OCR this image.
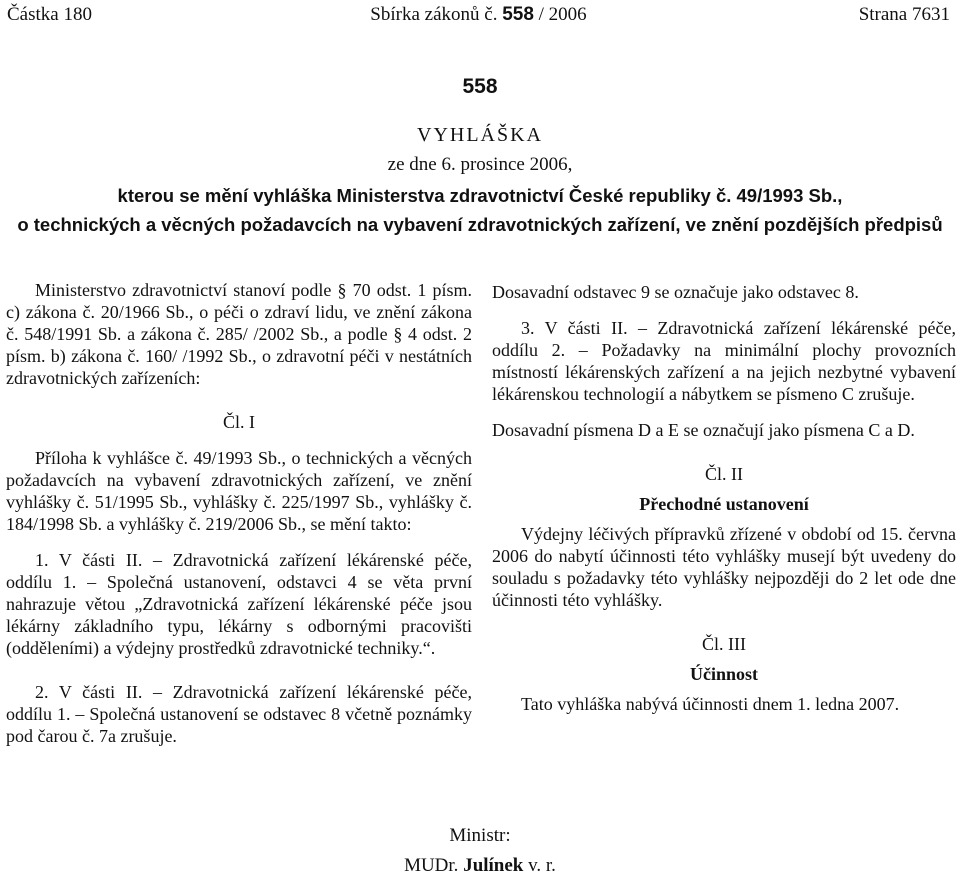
Částka 180	Sbírka zákonů č. 558 / 2006	Strana 7631
558
VYHLÁŠKA
ze dne 6. prosince 2006,
kterou se mění vyhláška Ministerstva zdravotnictví České republiky č. 49/1993 Sb.,
o technických a věcných požadavcích na vybavení zdravotnických zařízení, ve znění pozdějších předpisů

Ministerstvo zdravotnictví stanoví podle § 70 odst. 1 písm. c) zákona č. 20/1966 Sb., o péči o zdraví lidu, ve znění zákona č. 548/1991 Sb. a zákona č. 285/ /2002 Sb., a podle § 4 odst. 2 písm. b) zákona č. 160/ /1992 Sb., o zdravotní péči v nestátních zdravotnických zařízeních:

Čl. I

Příloha k vyhlášce č. 49/1993 Sb., o technických a věcných požadavcích na vybavení zdravotnických zařízení, ve znění vyhlášky č. 51/1995 Sb., vyhlášky č. 225/1997 Sb., vyhlášky č. 184/1998 Sb. a vyhlášky č. 219/2006 Sb., se mění takto:

1. V části II. – Zdravotnická zařízení lékárenské péče, oddílu 1. – Společná ustanovení, odstavci 4 se věta první nahrazuje větou „Zdravotnická zařízení lékárenské péče jsou lékárny základního typu, lékárny s odbornými pracovišti (odděleními) a výdejny prostředků zdravotnické techniky.“.

2. V části II. – Zdravotnická zařízení lékárenské péče, oddílu 1. – Společná ustanovení se odstavec 8 včetně poznámky pod čarou č. 7a zrušuje.

Dosavadní odstavec 9 se označuje jako odstavec 8.

3. V části II. – Zdravotnická zařízení lékárenské péče, oddílu 2. – Požadavky na minimální plochy provozních místností lékárenských zařízení a na jejich nezbytné vybavení lékárenskou technologií a nábytkem se písmeno C zrušuje.

Dosavadní písmena D a E se označují jako písmena C a D.

Čl. II

Přechodné ustanovení

Výdejny léčivých přípravků zřízené v období od 15. června 2006 do nabytí účinnosti této vyhlášky musejí být uvedeny do souladu s požadavky této vyhlášky nejpozději do 2 let ode dne účinnosti této vyhlášky.

Čl. III

Účinnost

Tato vyhláška nabývá účinnosti dnem 1. ledna 2007.

Ministr:
MUDr. Julínek v. r.
